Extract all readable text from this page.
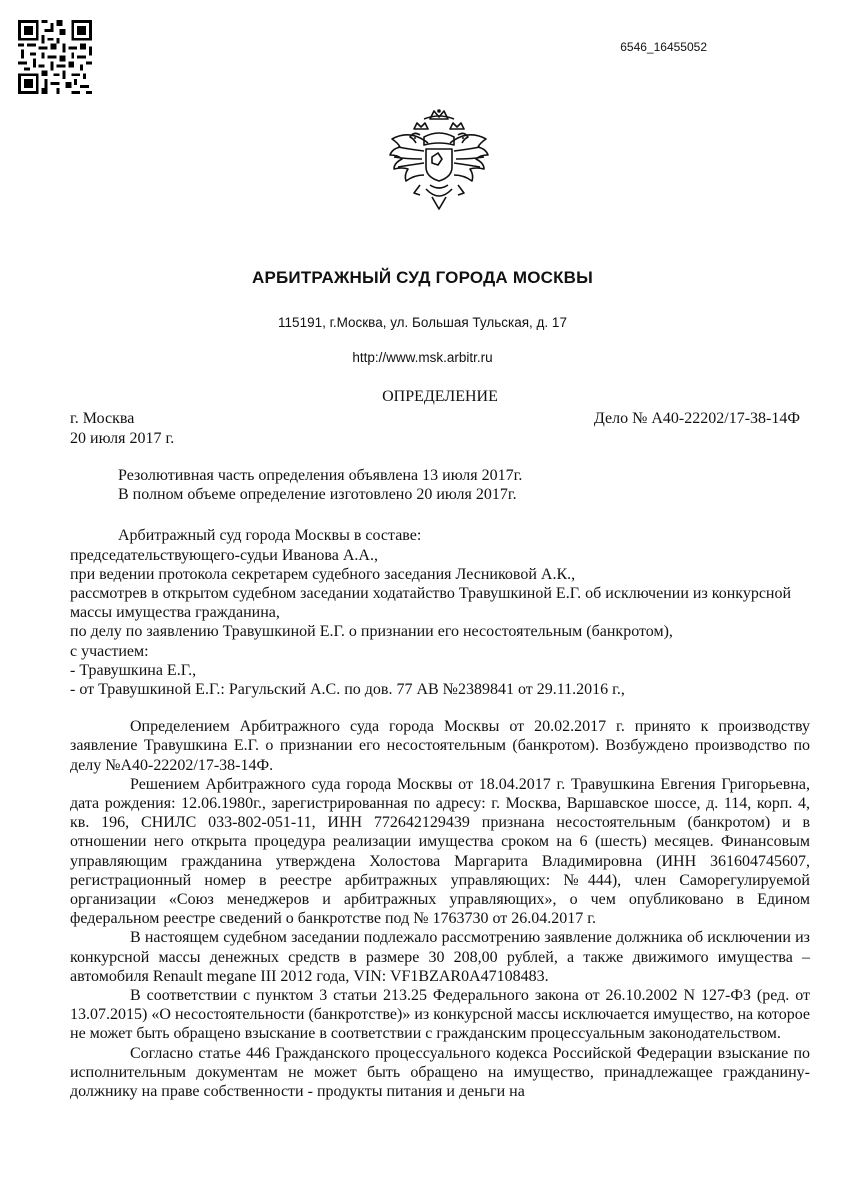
6546_16455052
АРБИТРАЖНЫЙ СУД ГОРОДА МОСКВЫ
115191, г.Москва, ул. Большая Тульская, д. 17
http://www.msk.arbitr.ru
ОПРЕДЕЛЕНИЕ
г. Москва	Дело № А40-22202/17-38-14Ф
20 июля 2017 г.

Резолютивная часть определения объявлена 13 июля 2017г.

В полном объеме определение изготовлено 20 июля 2017г.

Арбитражный суд города Москвы в составе:

председательствующего-судьи Иванова А.А.,

при ведении протокола секретарем судебного заседания Лесниковой А.К.,

рассмотрев в открытом судебном заседании ходатайство Травушкиной Е.Г. об исключении из конкурсной массы имущества гражданина,

по делу по заявлению Травушкиной Е.Г. о признании его несостоятельным (банкротом),

с участием:

- Травушкина Е.Г.,

- от Травушкиной Е.Г.: Рагульский А.С. по дов. 77 АВ №2389841 от 29.11.2016 г.,

Определением Арбитражного суда города Москвы от 20.02.2017 г. принято к производству заявление Травушкина Е.Г. о признании его несостоятельным (банкротом). Возбуждено производство по делу №А40-22202/17-38-14Ф.

Решением Арбитражного суда города Москвы от 18.04.2017 г. Травушкина Евгения Григорьевна, дата рождения: 12.06.1980г., зарегистрированная по адресу: г. Москва, Варшавское шоссе, д. 114, корп. 4, кв. 196, СНИЛС 033-802-051-11, ИНН 772642129439 признана несостоятельным (банкротом) и в отношении него открыта процедура реализации имущества сроком на 6 (шесть) месяцев. Финансовым управляющим гражданина утверждена Холостова Маргарита Владимировна (ИНН 361604745607, регистрационный номер в реестре арбитражных управляющих: №444), член Саморегулируемой организации «Союз менеджеров и арбитражных управляющих», о чем опубликовано в Едином федеральном реестре сведений о банкротстве под № 1763730 от 26.04.2017 г.

В настоящем судебном заседании подлежало рассмотрению заявление должника об исключении из конкурсной массы денежных средств в размере 30 208,00 рублей, а также движимого имущества – автомобиля Renault megane III 2012 года, VIN: VF1BZAR0A47108483.

В соответствии с пунктом 3 статьи 213.25 Федерального закона от 26.10.2002 N 127-ФЗ (ред. от 13.07.2015) «О несостоятельности (банкротстве)» из конкурсной массы исключается имущество, на которое не может быть обращено взыскание в соответствии с гражданским процессуальным законодательством.

Согласно статье 446 Гражданского процессуального кодекса Российской Федерации взыскание по исполнительным документам не может быть обращено на имущество, принадлежащее гражданину-должнику на праве собственности - продукты питания и деньги на
